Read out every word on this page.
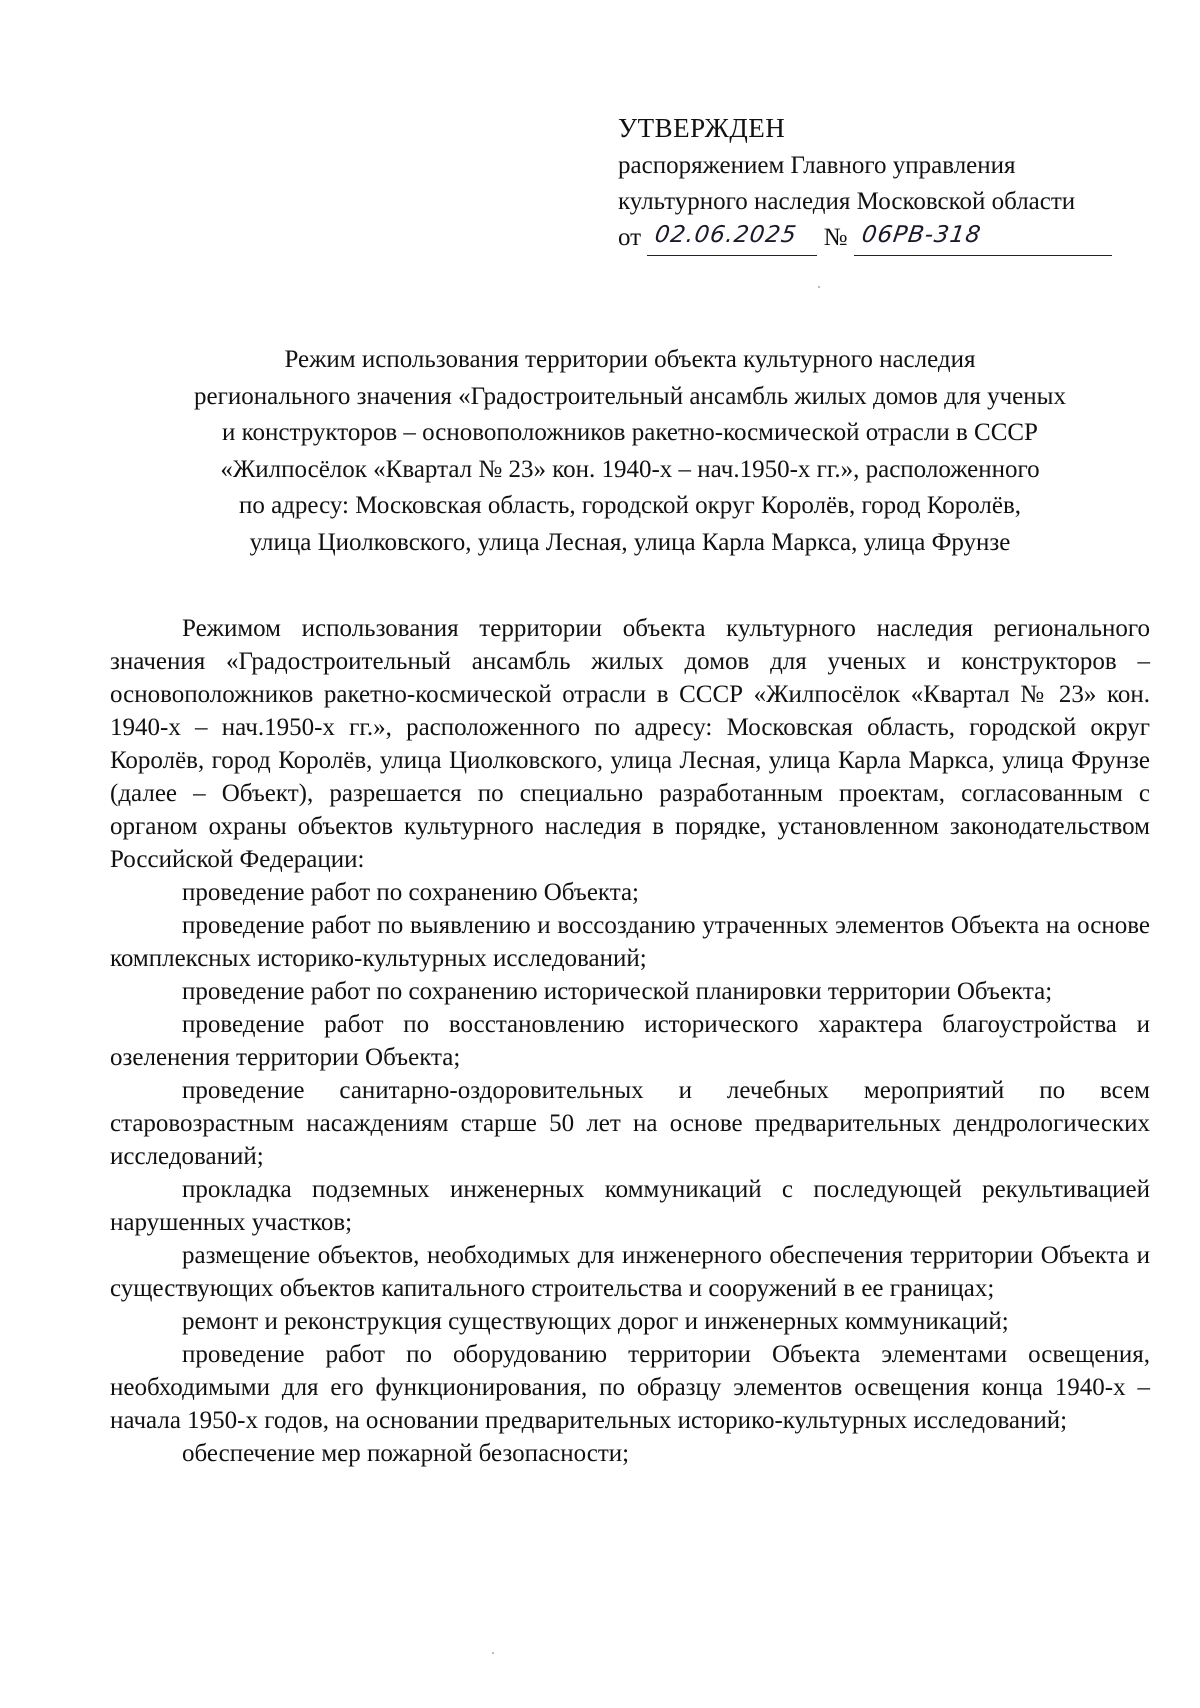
УТВЕРЖДЕН
распоряжением Главного управления
культурного наследия Московской области
от 02.06.2025 № 06РВ-318
Режим использования территории объекта культурного наследия
регионального значения «Градостроительный ансамбль жилых домов для ученых
и конструкторов – основоположников ракетно-космической отрасли в СССР
«Жилпосёлок «Квартал № 23» кон. 1940-х – нач.1950-х гг.», расположенного
по адресу: Московская область, городской округ Королёв, город Королёв,
улица Циолковского, улица Лесная, улица Карла Маркса, улица Фрунзе

Режимом использования территории объекта культурного наследия регионального значения «Градостроительный ансамбль жилых домов для ученых и конструкторов – основоположников ракетно-космической отрасли в СССР «Жилпосёлок «Квартал № 23» кон. 1940-х – нач.1950-х гг.», расположенного по адресу: Московская область, городской округ Королёв, город Королёв, улица Циолковского, улица Лесная, улица Карла Маркса, улица Фрунзе (далее – Объект), разрешается по специально разработанным проектам, согласованным с органом охраны объектов культурного наследия в порядке, установленном законодательством Российской Федерации:

проведение работ по сохранению Объекта;

проведение работ по выявлению и воссозданию утраченных элементов Объекта на основе комплексных историко-культурных исследований;

проведение работ по сохранению исторической планировки территории Объекта;

проведение работ по восстановлению исторического характера благоустройства и озеленения территории Объекта;

проведение санитарно-оздоровительных и лечебных мероприятий по всем старовозрастным насаждениям старше 50 лет на основе предварительных дендрологических исследований;

прокладка подземных инженерных коммуникаций с последующей рекультивацией нарушенных участков;

размещение объектов, необходимых для инженерного обеспечения территории Объекта и существующих объектов капитального строительства и сооружений в ее границах;

ремонт и реконструкция существующих дорог и инженерных коммуникаций;

проведение работ по оборудованию территории Объекта элементами освещения, необходимыми для его функционирования, по образцу элементов освещения конца 1940-х – начала 1950-х годов, на основании предварительных историко-культурных исследований;

обеспечение мер пожарной безопасности;
